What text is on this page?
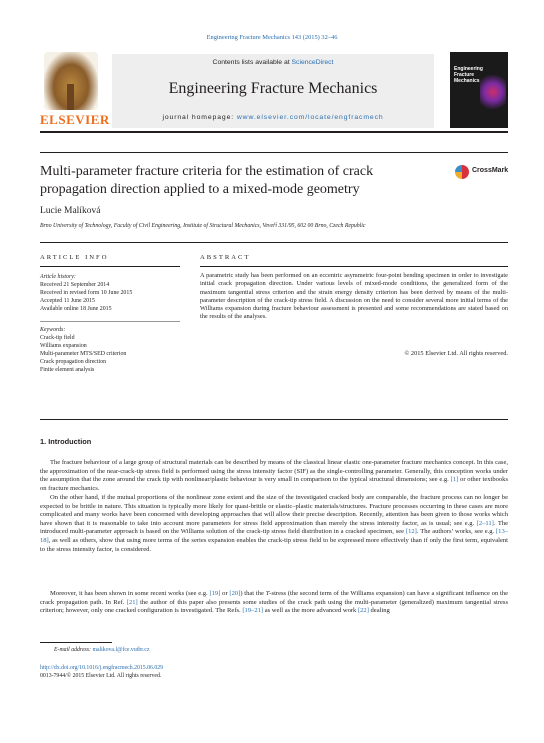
Engineering Fracture Mechanics 143 (2015) 32–46
ELSEVIER
Contents lists available at ScienceDirect
Engineering Fracture Mechanics
journal homepage: www.elsevier.com/locate/engfracmech
Engineering Fracture Mechanics
Multi-parameter fracture criteria for the estimation of crack propagation direction applied to a mixed-mode geometry
CrossMark
Lucie Malíková
Brno University of Technology, Faculty of Civil Engineering, Institute of Structural Mechanics, Veveří 331/95, 602 00 Brno, Czech Republic
ARTICLE INFO	ABSTRACT
Article history:
Received 21 September 2014
Received in revised form 10 June 2015
Accepted 11 June 2015
Available online 18 June 2015
Keywords:
Crack-tip field
Williams expansion
Multi-parameter MTS/SED criterion
Crack propagation direction
Finite element analysis
A parametric study has been performed on an eccentric asymmetric four-point bending specimen in order to investigate initial crack propagation direction. Under various levels of mixed-mode conditions, the generalized form of the maximum tangential stress criterion and the strain energy density criterion has been derived by means of the multi-parameter description of the crack-tip stress field. A discussion on the need to consider several more initial terms of the Williams expansion during fracture behaviour assessment is presented and some recommendations are stated based on the results of the analyses.
© 2015 Elsevier Ltd. All rights reserved.
1. Introduction
The fracture behaviour of a large group of structural materials can be described by means of the classical linear elastic one-parameter fracture mechanics concept. In this case, the approximation of the near-crack-tip stress field is performed using the stress intensity factor (SIF) as the single-controlling parameter. Generally, this conception works under the assumption that the zone around the crack tip with nonlinear/plastic behaviour is very small in comparison to the typical structural dimensions; see e.g. [1] or other textbooks on fracture mechanics.
On the other hand, if the mutual proportions of the nonlinear zone extent and the size of the investigated cracked body are comparable, the fracture process can no longer be expected to be brittle in nature. This situation is typically more likely for quasi-brittle or elastic–plastic materials/structures. Fracture processes occurring in these cases are more complicated and many works have been concerned with developing approaches that will allow their precise description. Recently, attention has been given to those works which have shown that it is reasonable to take into account more parameters for stress field approximation than merely the stress intensity factor, as is usual; see e.g. [2–11]. The introduced multi-parameter approach is based on the Williams solution of the crack-tip stress field distribution in a cracked specimen, see [12]. The authors’ works, see e.g. [13–18], as well as others, show that using more terms of the series expansion enables the crack-tip stress field to be expressed more effectively than if only the first term, equivalent to the stress intensity factor, is considered.
Moreover, it has been shown in some recent works (see e.g. [19] or [20]) that the T-stress (the second term of the Williams expansion) can have a significant influence on the crack propagation path. In Ref. [21] the author of this paper also presents some studies of the crack path using the multi-parameter (generalized) maximum tangential stress criterion; however, only one cracked configuration is investigated. The Refs. [19–21] as well as the more advanced work [22] dealing
E-mail address: malikova.l@fce.vutbr.cz
http://dx.doi.org/10.1016/j.engfracmech.2015.06.029
0013-7944/© 2015 Elsevier Ltd. All rights reserved.
